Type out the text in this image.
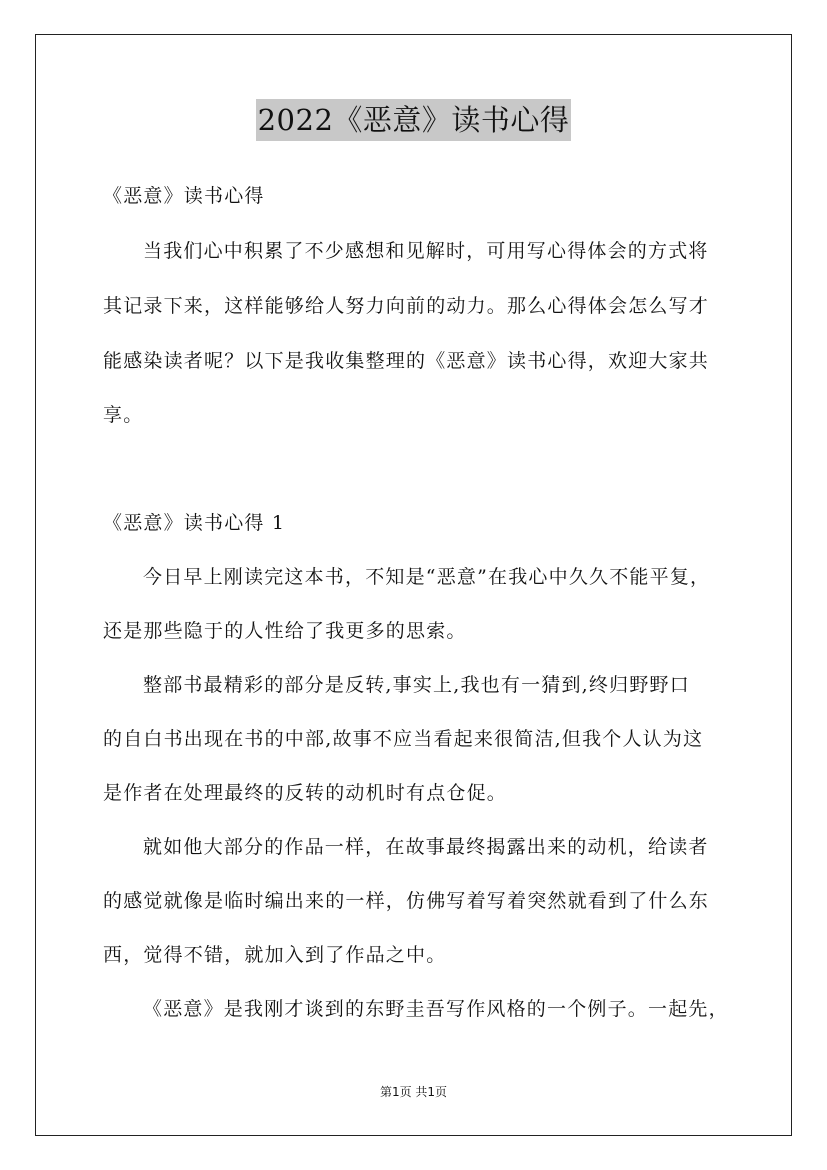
2022《恶意》读书心得
《恶意》读书心得
当我们心中积累了不少感想和见解时，可用写心得体会的方式将
其记录下来，这样能够给人努力向前的动力。那么心得体会怎么写才
能感染读者呢？以下是我收集整理的《恶意》读书心得，欢迎大家共
享。
《恶意》读书心得 1
今日早上刚读完这本书，不知是“恶意”在我心中久久不能平复，
还是那些隐于的人性给了我更多的思索。
整部书最精彩的部分是反转,事实上,我也有一猜到,终归野野口
的自白书出现在书的中部,故事不应当看起来很简洁,但我个人认为这
是作者在处理最终的反转的动机时有点仓促。
就如他大部分的作品一样，在故事最终揭露出来的动机，给读者
的感觉就像是临时编出来的一样，仿佛写着写着突然就看到了什么东
西，觉得不错，就加入到了作品之中。
《恶意》是我刚才谈到的东野圭吾写作风格的一个例子。一起先，
第1页 共1页
